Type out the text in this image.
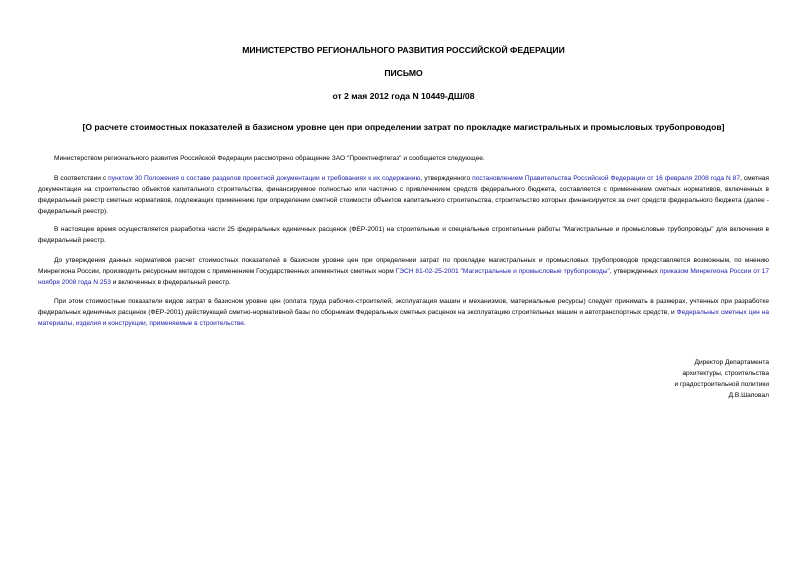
МИНИСТЕРСТВО РЕГИОНАЛЬНОГО РАЗВИТИЯ РОССИЙСКОЙ ФЕДЕРАЦИИ
ПИСЬМО
от 2 мая 2012 года N 10449-ДШ/08
[О расчете стоимостных показателей в базисном уровне цен при определении затрат по прокладке магистральных и промысловых трубопроводов]
Министерством регионального развития Российской Федерации рассмотрено обращение ЗАО "Проектнефтегаз" и сообщается следующее.
В соответствии с пунктом 30 Положения о составе разделов проектной документации и требованиях к их содержанию, утвержденного постановлением Правительства Российской Федерации от 16 февраля 2008 года N 87, сметная документация на строительство объектов капитального строительства, финансируемое полностью или частично с привлечением средств федерального бюджета, составляется с применением сметных нормативов, включенных в федеральный реестр сметных нормативов, подлежащих применению при определении сметной стоимости объектов капитального строительства, строительство которых финансируется за счет средств федерального бюджета (далее - федеральный реестр).
В настоящее время осуществляется разработка части 25 федеральных единичных расценок (ФЕР-2001) на строительные и специальные строительные работы "Магистральные и промысловые трубопроводы" для включения в федеральный реестр.
До утверждения данных нормативов расчет стоимостных показателей в базисном уровне цен при определении затрат по прокладке магистральных и промысловых трубопроводов представляется возможным, по мнению Минрегиона России, производить ресурсным методом с применением Государственных элементных сметных норм ГЭСН 81-02-25-2001 "Магистральные и промысловые трубопроводы", утвержденных приказом Минрегиона России от 17 ноября 2008 года N 253 и включенных в федеральный реестр.
При этом стоимостные показатели видов затрат в базисном уровне цен (оплата труда рабочих-строителей, эксплуатация машин и механизмов, материальные ресурсы) следует принимать в размерах, учтенных при разработке федеральных единичных расценок (ФЕР-2001) действующей сметно-нормативной базы по сборникам Федеральных сметных расценок на эксплуатацию строительных машин и автотранспортных средств, и Федеральных сметных цен на материалы, изделия и конструкции, применяемые в строительстве.
Директор Департамента
архитектуры, строительства
и градостроительной политики
Д.В.Шаповал
